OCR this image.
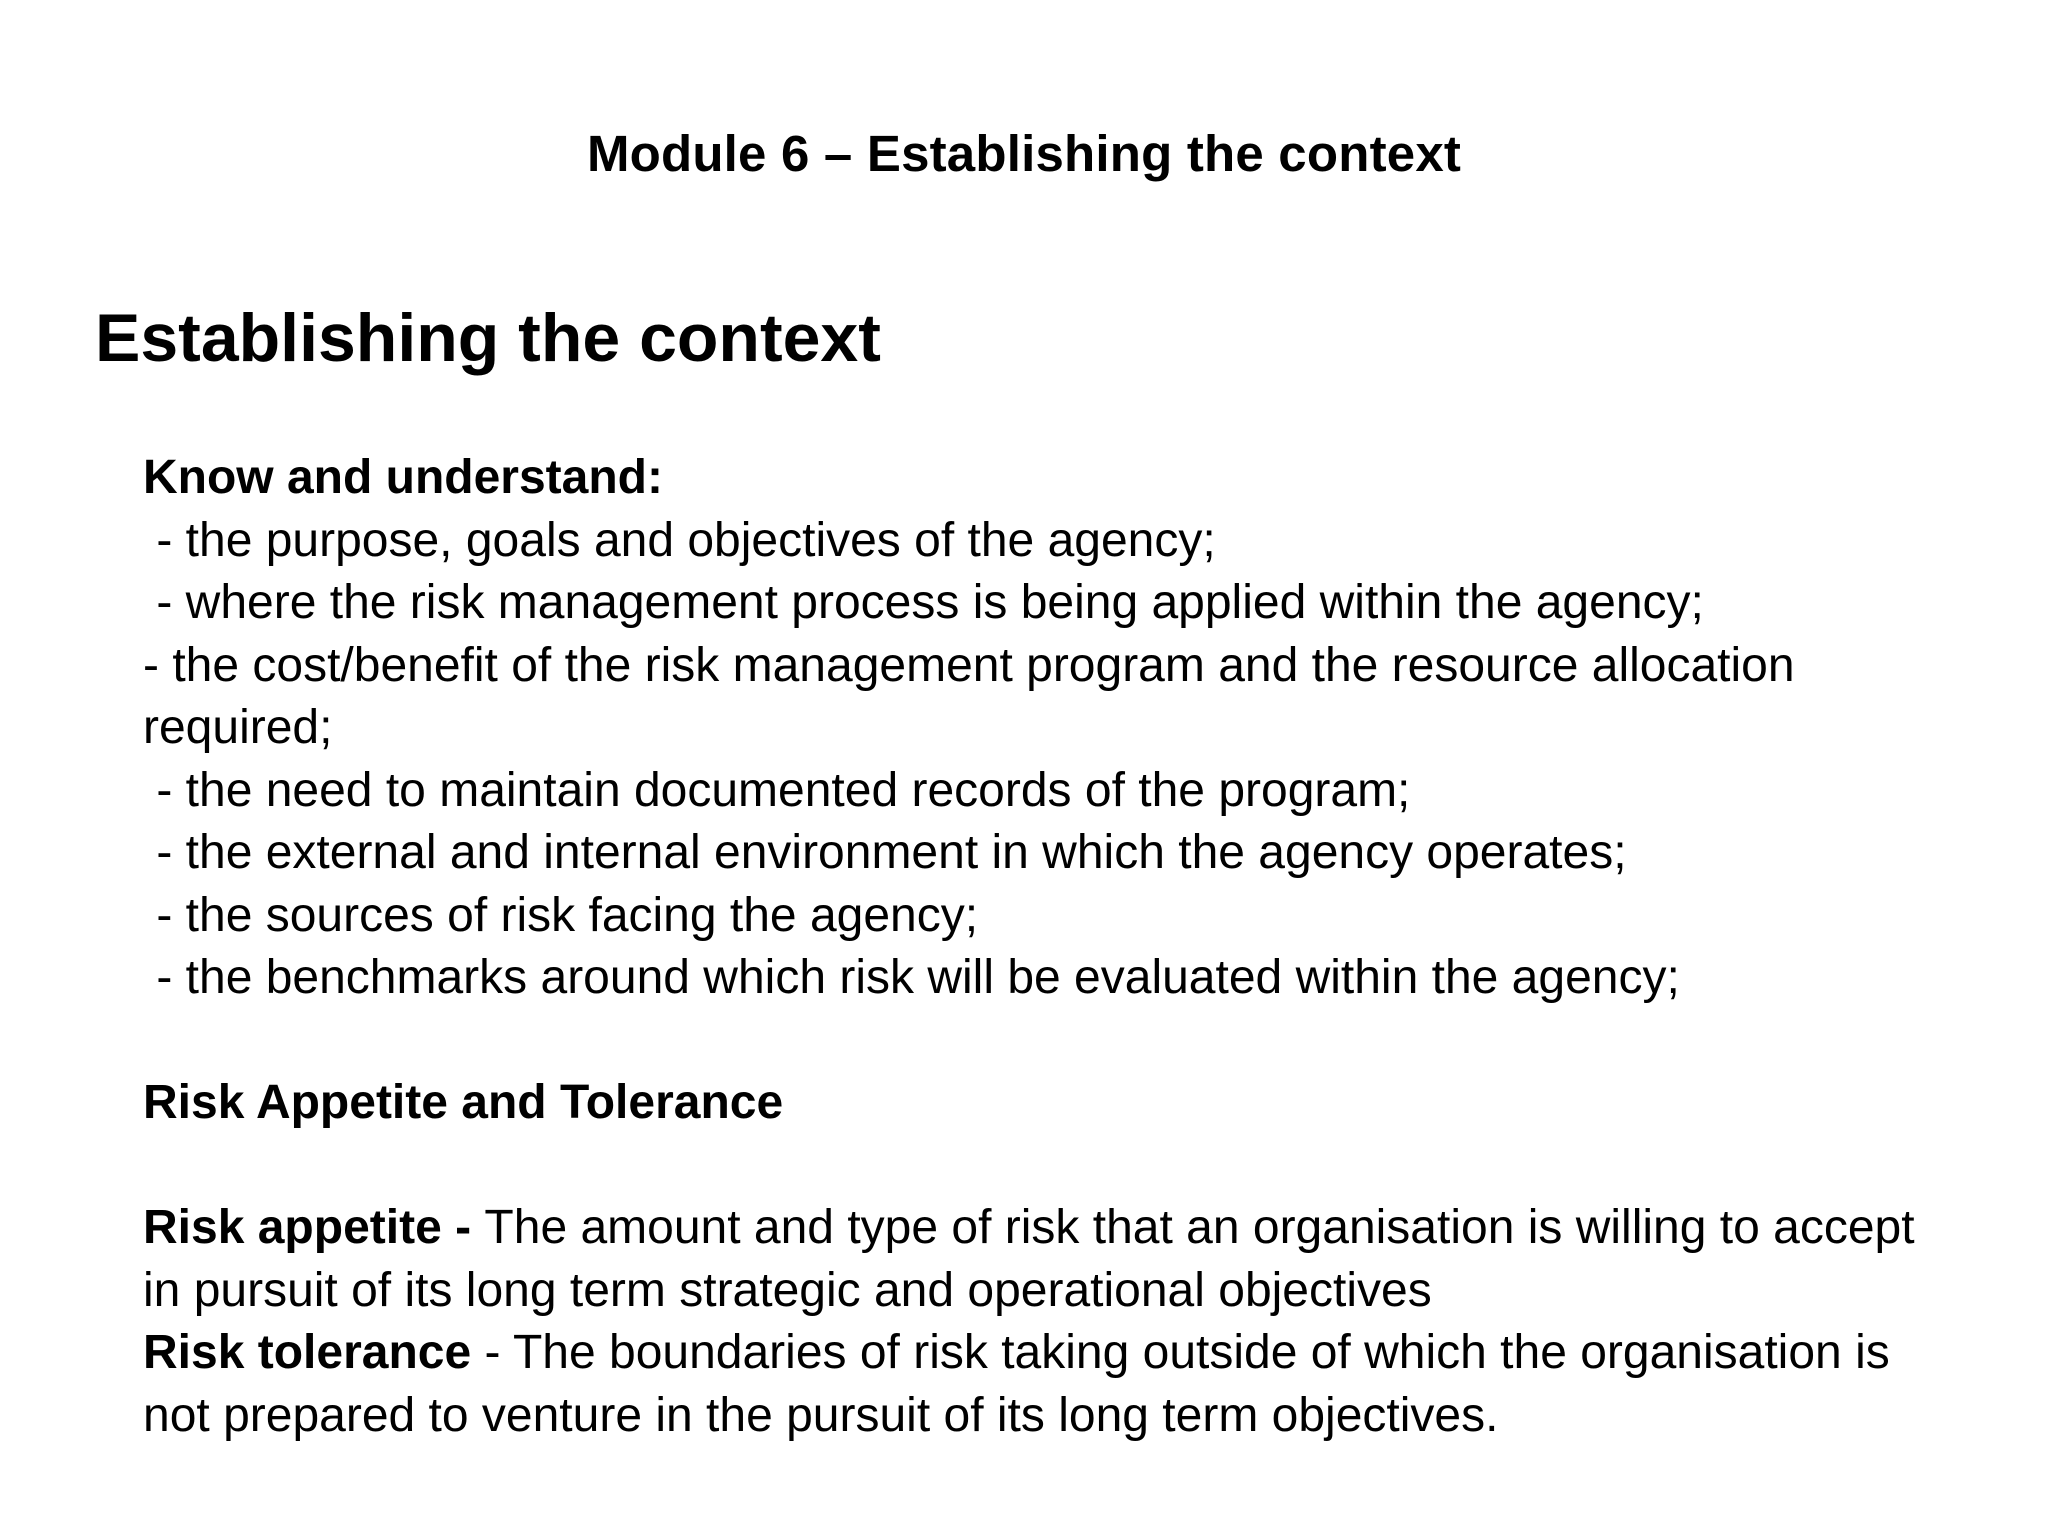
Module 6 – Establishing the context
Establishing the context

Know and understand:

- the purpose, goals and objectives of the agency;

- where the risk management process is being applied within the agency;

- the cost/benefit of the risk management program and the resource allocation required;

- the need to maintain documented records of the program;

- the external and internal environment in which the agency operates;

- the sources of risk facing the agency;

- the benchmarks around which risk will be evaluated within the agency;

Risk Appetite and Tolerance

Risk appetite - The amount and type of risk that an organisation is willing to accept in pursuit of its long term strategic and operational objectives

Risk tolerance - The boundaries of risk taking outside of which the organisation is not prepared to venture in the pursuit of its long term objectives.
